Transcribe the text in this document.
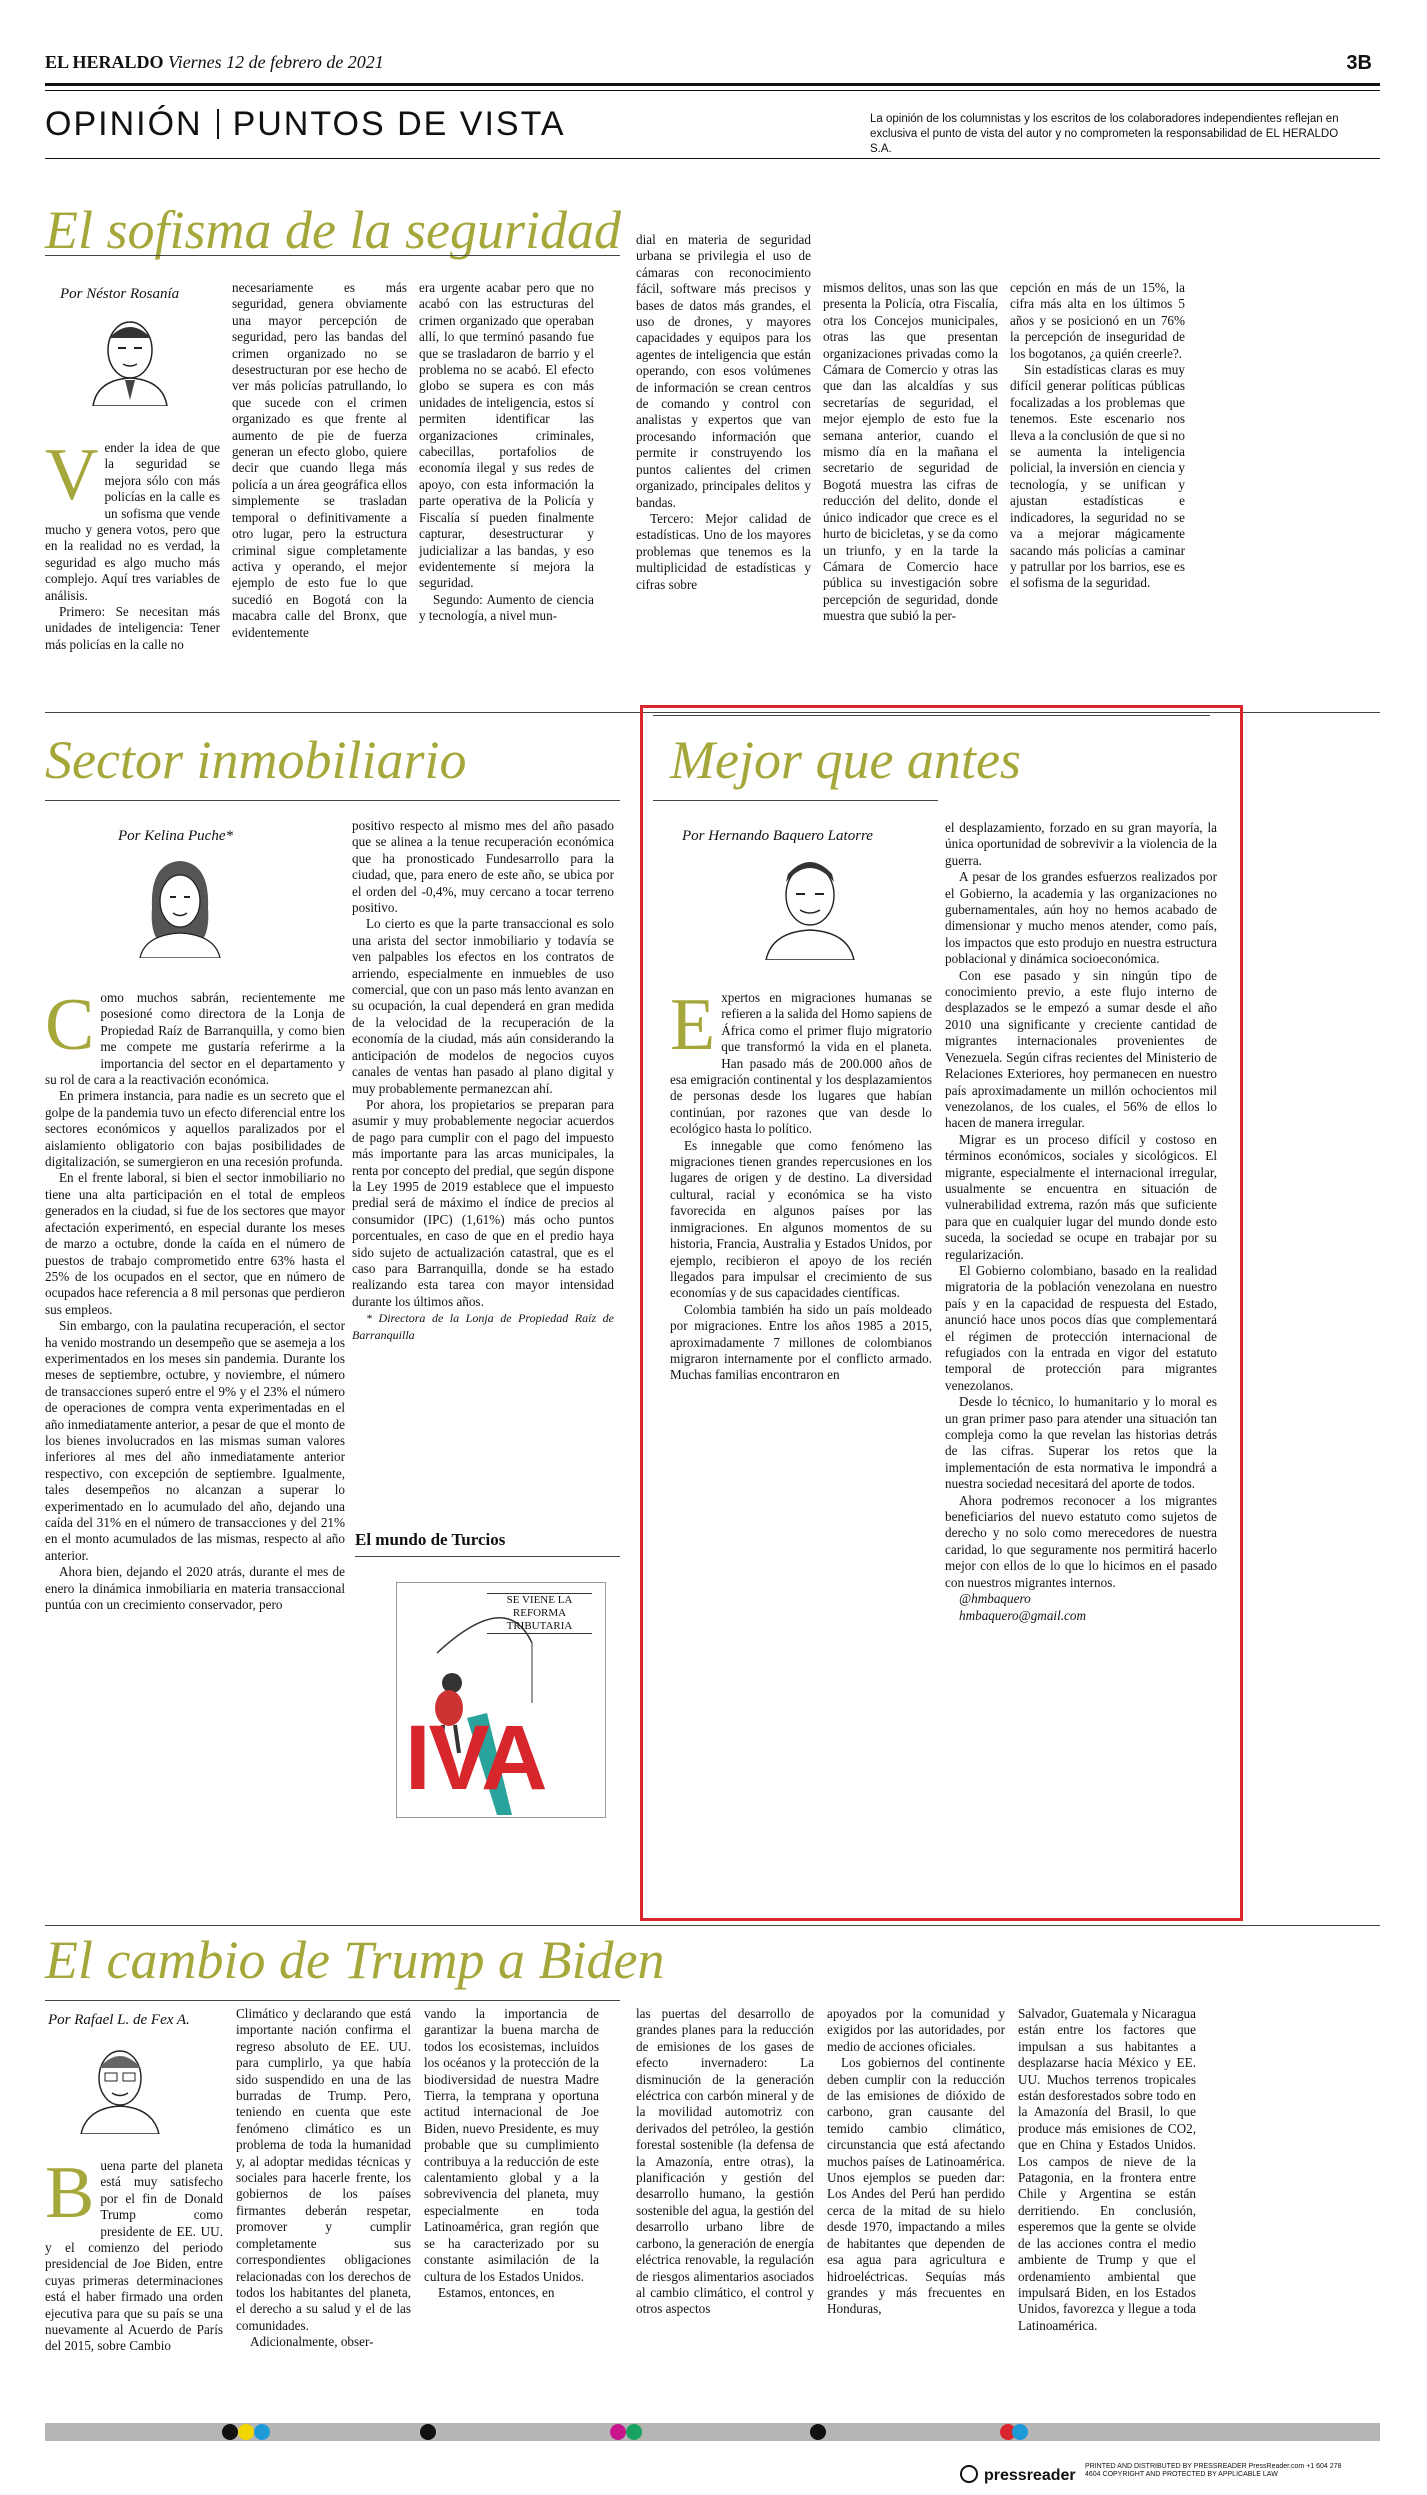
EL HERALDO Viernes 12 de febrero de 2021	3B
OPINIÓN PUNTOS DE VISTA	La opinión de los columnistas y los escritos de los colaboradores independientes reflejan en exclusiva el punto de vista del autor y no comprometen la responsabilidad de EL HERALDO S.A.
El sofisma de la seguridad
Por Néstor Rosanía
V ender la idea de que la seguridad se mejora sólo con más policías en la calle es un sofisma que vende mucho y genera votos, pero que en la realidad no es verdad, la seguridad es algo mucho más complejo. Aquí tres variables de análisis.

Primero: Se necesitan más unidades de inteligencia: Tener más policías en la calle no

necesariamente es más seguridad, genera obviamente una mayor percepción de seguridad, pero las bandas del crimen organizado no se desestructuran por ese hecho de ver más policías patrullando, lo que sucede con el crimen organizado es que frente al aumento de pie de fuerza generan un efecto globo, quiere decir que cuando llega más policía a un área geográfica ellos simplemente se trasladan temporal o definitivamente a otro lugar, pero la estructura criminal sigue completamente activa y operando, el mejor ejemplo de esto fue lo que sucedió en Bogotá con la macabra calle del Bronx, que evidentemente

era urgente acabar pero que no acabó con las estructuras del crimen organizado que operaban allí, lo que terminó pasando fue que se trasladaron de barrio y el problema no se acabó. El efecto globo se supera es con más unidades de inteligencia, estos sí permiten identificar las organizaciones criminales, cabecillas, portafolios de economía ilegal y sus redes de apoyo, con esta información la parte operativa de la Policía y Fiscalía sí pueden finalmente capturar, desestructurar y judicializar a las bandas, y eso evidentemente sí mejora la seguridad.

Segundo: Aumento de ciencia y tecnología, a nivel mun-

dial en materia de seguridad urbana se privilegia el uso de cámaras con reconocimiento fácil, software más precisos y bases de datos más grandes, el uso de drones, y mayores capacidades y equipos para los agentes de inteligencia que están operando, con esos volúmenes de información se crean centros de comando y control con analistas y expertos que van procesando información que permite ir construyendo los puntos calientes del crimen organizado, principales delitos y bandas.

Tercero: Mejor calidad de estadísticas. Uno de los mayores problemas que tenemos es la multiplicidad de estadísticas y cifras sobre

mismos delitos, unas son las que presenta la Policía, otra Fiscalía, otra los Concejos municipales, otras las que presentan organizaciones privadas como la Cámara de Comercio y otras las que dan las alcaldías y sus secretarías de seguridad, el mejor ejemplo de esto fue la semana anterior, cuando el mismo día en la mañana el secretario de seguridad de Bogotá muestra las cifras de reducción del delito, donde el único indicador que crece es el hurto de bicicletas, y se da como un triunfo, y en la tarde la Cámara de Comercio hace pública su investigación sobre percepción de seguridad, donde muestra que subió la per-

cepción en más de un 15%, la cifra más alta en los últimos 5 años y se posicionó en un 76% la percepción de inseguridad de los bogotanos, ¿a quién creerle?.

Sin estadísticas claras es muy difícil generar políticas públicas focalizadas a los problemas que tenemos. Este escenario nos lleva a la conclusión de que si no se aumenta la inteligencia policial, la inversión en ciencia y tecnología, y se unifican y ajustan estadísticas e indicadores, la seguridad no se va a mejorar mágicamente sacando más policías a caminar y patrullar por los barrios, ese es el sofisma de la seguridad.

Sector inmobiliario
Por Kelina Puche*
C omo muchos sabrán, recientemente me posesioné como directora de la Lonja de Propiedad Raíz de Barranquilla, y como bien me compete me gustaría referirme a la importancia del sector en el departamento y su rol de cara a la reactivación económica.

En primera instancia, para nadie es un secreto que el golpe de la pandemia tuvo un efecto diferencial entre los sectores económicos y aquellos paralizados por el aislamiento obligatorio con bajas posibilidades de digitalización, se sumergieron en una recesión profunda.

En el frente laboral, si bien el sector inmobiliario no tiene una alta participación en el total de empleos generados en la ciudad, si fue de los sectores que mayor afectación experimentó, en especial durante los meses de marzo a octubre, donde la caída en el número de puestos de trabajo comprometido entre 63% hasta el 25% de los ocupados en el sector, que en número de ocupados hace referencia a 8 mil personas que perdieron sus empleos.

Sin embargo, con la paulatina recuperación, el sector ha venido mostrando un desempeño que se asemeja a los experimentados en los meses sin pandemia. Durante los meses de septiembre, octubre, y noviembre, el número de transacciones superó entre el 9% y el 23% el número de operaciones de compra venta experimentadas en el año inmediatamente anterior, a pesar de que el monto de los bienes involucrados en las mismas suman valores inferiores al mes del año inmediatamente anterior respectivo, con excepción de septiembre. Igualmente, tales desempeños no alcanzan a superar lo experimentado en lo acumulado del año, dejando una caída del 31% en el número de transacciones y del 21% en el monto acumulados de las mismas, respecto al año anterior.

Ahora bien, dejando el 2020 atrás, durante el mes de enero la dinámica inmobiliaria en materia transaccional puntúa con un crecimiento conservador, pero

positivo respecto al mismo mes del año pasado que se alinea a la tenue recuperación económica que ha pronosticado Fundesarrollo para la ciudad, que, para enero de este año, se ubica por el orden del -0,4%, muy cercano a tocar terreno positivo.

Lo cierto es que la parte transaccional es solo una arista del sector inmobiliario y todavía se ven palpables los efectos en los contratos de arriendo, especialmente en inmuebles de uso comercial, que con un paso más lento avanzan en su ocupación, la cual dependerá en gran medida de la velocidad de la recuperación de la economía de la ciudad, más aún considerando la anticipación de modelos de negocios cuyos canales de ventas han pasado al plano digital y muy probablemente permanezcan ahí.

Por ahora, los propietarios se preparan para asumir y muy probablemente negociar acuerdos de pago para cumplir con el pago del impuesto más importante para las arcas municipales, la renta por concepto del predial, que según dispone la Ley 1995 de 2019 establece que el impuesto predial será de máximo el índice de precios al consumidor (IPC) (1,61%) más ocho puntos porcentuales, en caso de que en el predio haya sido sujeto de actualización catastral, que es el caso para Barranquilla, donde se ha estado realizando esta tarea con mayor intensidad durante los últimos años.

* Directora de la Lonja de Propiedad Raíz de Barranquilla

El mundo de Turcios
SE VIENE LA REFORMA TRIBUTARIA
IVA
Mejor que antes
Por Hernando Baquero Latorre
E xpertos en migraciones humanas se refieren a la salida del Homo sapiens de África como el primer flujo migratorio que transformó la vida en el planeta. Han pasado más de 200.000 años de esa emigración continental y los desplazamientos de personas desde los lugares que habían continúan, por razones que van desde lo ecológico hasta lo político.

Es innegable que como fenómeno las migraciones tienen grandes repercusiones en los lugares de origen y de destino. La diversidad cultural, racial y económica se ha visto favorecida en algunos países por las inmigraciones. En algunos momentos de su historia, Francia, Australia y Estados Unidos, por ejemplo, recibieron el apoyo de los recién llegados para impulsar el crecimiento de sus economías y de sus capacidades científicas.

Colombia también ha sido un país moldeado por migraciones. Entre los años 1985 a 2015, aproximadamente 7 millones de colombianos migraron internamente por el conflicto armado. Muchas familias encontraron en

el desplazamiento, forzado en su gran mayoría, la única oportunidad de sobrevivir a la violencia de la guerra.

A pesar de los grandes esfuerzos realizados por el Gobierno, la academia y las organizaciones no gubernamentales, aún hoy no hemos acabado de dimensionar y mucho menos atender, como país, los impactos que esto produjo en nuestra estructura poblacional y dinámica socioeconómica.

Con ese pasado y sin ningún tipo de conocimiento previo, a este flujo interno de desplazados se le empezó a sumar desde el año 2010 una significante y creciente cantidad de migrantes internacionales provenientes de Venezuela. Según cifras recientes del Ministerio de Relaciones Exteriores, hoy permanecen en nuestro país aproximadamente un millón ochocientos mil venezolanos, de los cuales, el 56% de ellos lo hacen de manera irregular.

Migrar es un proceso difícil y costoso en términos económicos, sociales y sicológicos. El migrante, especialmente el internacional irregular, usualmente se encuentra en situación de vulnerabilidad extrema, razón más que suficiente para que en cualquier lugar del mundo donde esto suceda, la sociedad se ocupe en trabajar por su regularización.

El Gobierno colombiano, basado en la realidad migratoria de la población venezolana en nuestro país y en la capacidad de respuesta del Estado, anunció hace unos pocos días que complementará el régimen de protección internacional de refugiados con la entrada en vigor del estatuto temporal de protección para migrantes venezolanos.

Desde lo técnico, lo humanitario y lo moral es un gran primer paso para atender una situación tan compleja como la que revelan las historias detrás de las cifras. Superar los retos que la implementación de esta normativa le impondrá a nuestra sociedad necesitará del aporte de todos.

Ahora podremos reconocer a los migrantes beneficiarios del nuevo estatuto como sujetos de derecho y no solo como merecedores de nuestra caridad, lo que seguramente nos permitirá hacerlo mejor con ellos de lo que lo hicimos en el pasado con nuestros migrantes internos.

@hmbaquero

hmbaquero@gmail.com

El cambio de Trump a Biden
Por Rafael L. de Fex A.
B uena parte del planeta está muy satisfecho por el fin de Donald Trump como presidente de EE. UU. y el comienzo del periodo presidencial de Joe Biden, entre cuyas primeras determinaciones está el haber firmado una orden ejecutiva para que su país se una nuevamente al Acuerdo de París del 2015, sobre Cambio

Climático y declarando que está importante nación confirma el regreso absoluto de EE. UU. para cumplirlo, ya que había sido suspendido en una de las burradas de Trump. Pero, teniendo en cuenta que este fenómeno climático es un problema de toda la humanidad y, al adoptar medidas técnicas y sociales para hacerle frente, los gobiernos de los países firmantes deberán respetar, promover y cumplir completamente sus correspondientes obligaciones relacionadas con los derechos de todos los habitantes del planeta, el derecho a su salud y el de las comunidades.

Adicionalmente, obser-

vando la importancia de garantizar la buena marcha de todos los ecosistemas, incluidos los océanos y la protección de la biodiversidad de nuestra Madre Tierra, la temprana y oportuna actitud internacional de Joe Biden, nuevo Presidente, es muy probable que su cumplimiento contribuya a la reducción de este calentamiento global y a la sobrevivencia del planeta, muy especialmente en toda Latinoamérica, gran región que se ha caracterizado por su constante asimilación de la cultura de los Estados Unidos.

Estamos, entonces, en

las puertas del desarrollo de grandes planes para la reducción de emisiones de los gases de efecto invernadero: La disminución de la generación eléctrica con carbón mineral y de la movilidad automotriz con derivados del petróleo, la gestión forestal sostenible (la defensa de la Amazonía, entre otras), la planificación y gestión del desarrollo humano, la gestión sostenible del agua, la gestión del desarrollo urbano libre de carbono, la generación de energía eléctrica renovable, la regulación de riesgos alimentarios asociados al cambio climático, el control y otros aspectos

apoyados por la comunidad y exigidos por las autoridades, por medio de acciones oficiales.

Los gobiernos del continente deben cumplir con la reducción de las emisiones de dióxido de carbono, gran causante del temido cambio climático, circunstancia que está afectando muchos países de Latinoamérica. Unos ejemplos se pueden dar: Los Andes del Perú han perdido cerca de la mitad de su hielo desde 1970, impactando a miles de habitantes que dependen de esa agua para agricultura e hidroeléctricas. Sequías más grandes y más frecuentes en Honduras,

Salvador, Guatemala y Nicaragua están entre los factores que impulsan a sus habitantes a desplazarse hacia México y EE. UU. Muchos terrenos tropicales están desforestados sobre todo en la Amazonía del Brasil, lo que produce más emisiones de CO2, que en China y Estados Unidos. Los campos de nieve de la Patagonia, en la frontera entre Chile y Argentina se están derritiendo. En conclusión, esperemos que la gente se olvide de las acciones contra el medio ambiente de Trump y que el ordenamiento ambiental que impulsará Biden, en los Estados Unidos, favorezca y llegue a toda Latinoamérica.

pressreader
PRINTED AND DISTRIBUTED BY PRESSREADER PressReader.com +1 604 278 4604 COPYRIGHT AND PROTECTED BY APPLICABLE LAW
